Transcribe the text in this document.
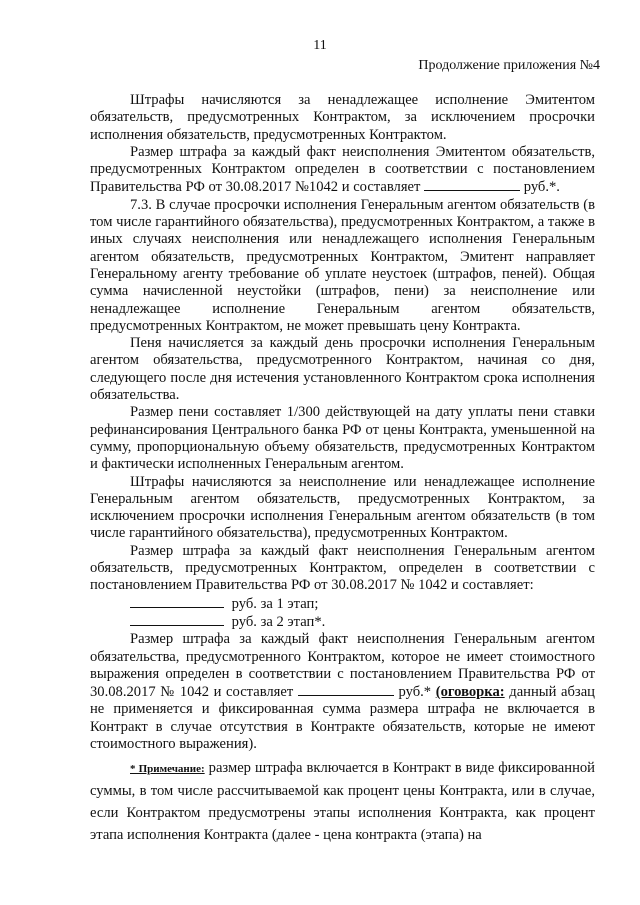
11
Продолжение приложения №4

Штрафы начисляются за ненадлежащее исполнение Эмитентом обязательств, предусмотренных Контрактом, за исключением просрочки исполнения обязательств, предусмотренных Контрактом.

Размер штрафа за каждый факт неисполнения Эмитентом обязательств, предусмотренных Контрактом определен в соответствии с постановлением Правительства РФ от 30.08.2017 №1042 и составляет	руб.*.

7.3. В случае просрочки исполнения Генеральным агентом обязательств (в том числе гарантийного обязательства), предусмотренных Контрактом, а также в иных случаях неисполнения или ненадлежащего исполнения Генеральным агентом обязательств, предусмотренных Контрактом, Эмитент направляет Генеральному агенту требование об уплате неустоек (штрафов, пеней). Общая сумма начисленной неустойки (штрафов, пени) за неисполнение или ненадлежащее исполнение Генеральным агентом обязательств, предусмотренных Контрактом, не может превышать цену Контракта.

Пеня начисляется за каждый день просрочки исполнения Генеральным агентом обязательства, предусмотренного Контрактом, начиная со дня, следующего после дня истечения установленного Контрактом срока исполнения обязательства.

Размер пени составляет 1/300 действующей на дату уплаты пени ставки рефинансирования Центрального банка РФ от цены Контракта, уменьшенной на сумму, пропорциональную объему обязательств, предусмотренных Контрактом и фактически исполненных Генеральным агентом.

Штрафы начисляются за неисполнение или ненадлежащее исполнение Генеральным агентом обязательств, предусмотренных Контрактом, за исключением просрочки исполнения Генеральным агентом обязательств (в том числе гарантийного обязательства), предусмотренных Контрактом.

Размер штрафа за каждый факт неисполнения Генеральным агентом обязательств, предусмотренных Контрактом, определен в соответствии с постановлением Правительства РФ от 30.08.2017 № 1042 и составляет:

руб. за 1 этап;
руб. за 2 этап*.

Размер штрафа за каждый факт неисполнения Генеральным агентом обязательства, предусмотренного Контрактом, которое не имеет стоимостного выражения определен в соответствии с постановлением Правительства РФ от 30.08.2017 № 1042 и составляет	руб.* (оговорка: данный абзац не применяется и фиксированная сумма размера штрафа не включается в Контракт в случае отсутствия в Контракте обязательств, которые не имеют стоимостного выражения).

* Примечание: размер штрафа включается в Контракт в виде фиксированной суммы, в том числе рассчитываемой как процент цены Контракта, или в случае, если Контрактом предусмотрены этапы исполнения Контракта, как процент этапа исполнения Контракта (далее - цена контракта (этапа) на
